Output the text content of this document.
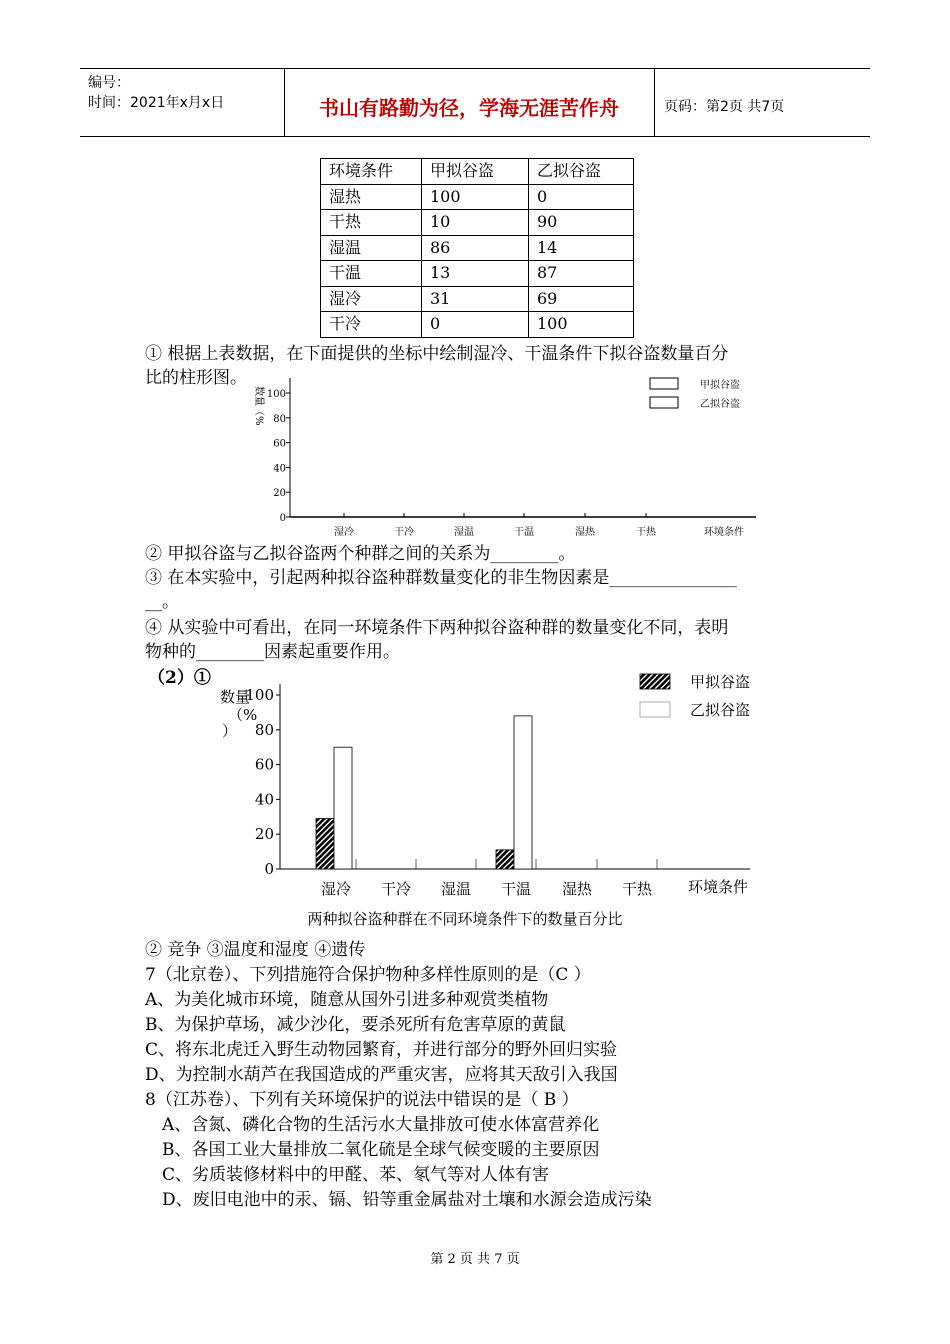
编号：
时间：2021年x月x日	书山有路勤为径，学海无涯苦作舟	页码：第2页 共7页
环境条件	甲拟谷盗	乙拟谷盗
湿热	100	0
干热	10	90
湿温	86	14
干温	13	87
湿冷	31	69
干冷	0	100
① 根据上表数据，在下面提供的坐标中绘制湿冷、干温条件下拟谷盗数量百分
比的柱形图。
0
20
40
60
80
100
湿冷	干冷	湿温	干温	湿热	干热	环境条件
甲拟谷盗
乙拟谷盗
数量（%
② 甲拟谷盗与乙拟谷盗两个种群之间的关系为________。
③ 在本实验中，引起两种拟谷盗种群数量变化的非生物因素是_______________
__。
④ 从实验中可看出，在同一环境条件下两种拟谷盗种群的数量变化不同，表明
物种的________因素起重要作用。
（2）①
0
20
40
60
80
100
湿冷 干冷 湿温 干温 湿热 干热 环境条件
甲拟谷盗
乙拟谷盗
数量
（%
）
两种拟谷盗种群在不同环境条件下的数量百分比
② 竞争 ③温度和湿度 ④遗传
7（北京卷）、下列措施符合保护物种多样性原则的是（C ）
A、为美化城市环境，随意从国外引进多种观赏类植物
B、为保护草场，减少沙化，要杀死所有危害草原的黄鼠
C、将东北虎迁入野生动物园繁育，并进行部分的野外回归实验
D、为控制水葫芦在我国造成的严重灾害，应将其天敌引入我国
8（江苏卷）、下列有关环境保护的说法中错误的是（ B ）
A、含氮、磷化合物的生活污水大量排放可使水体富营养化
B、各国工业大量排放二氧化硫是全球气候变暖的主要原因
C、劣质装修材料中的甲醛、苯、氡气等对人体有害
D、废旧电池中的汞、镉、铅等重金属盐对土壤和水源会造成污染
第 2 页 共 7 页
